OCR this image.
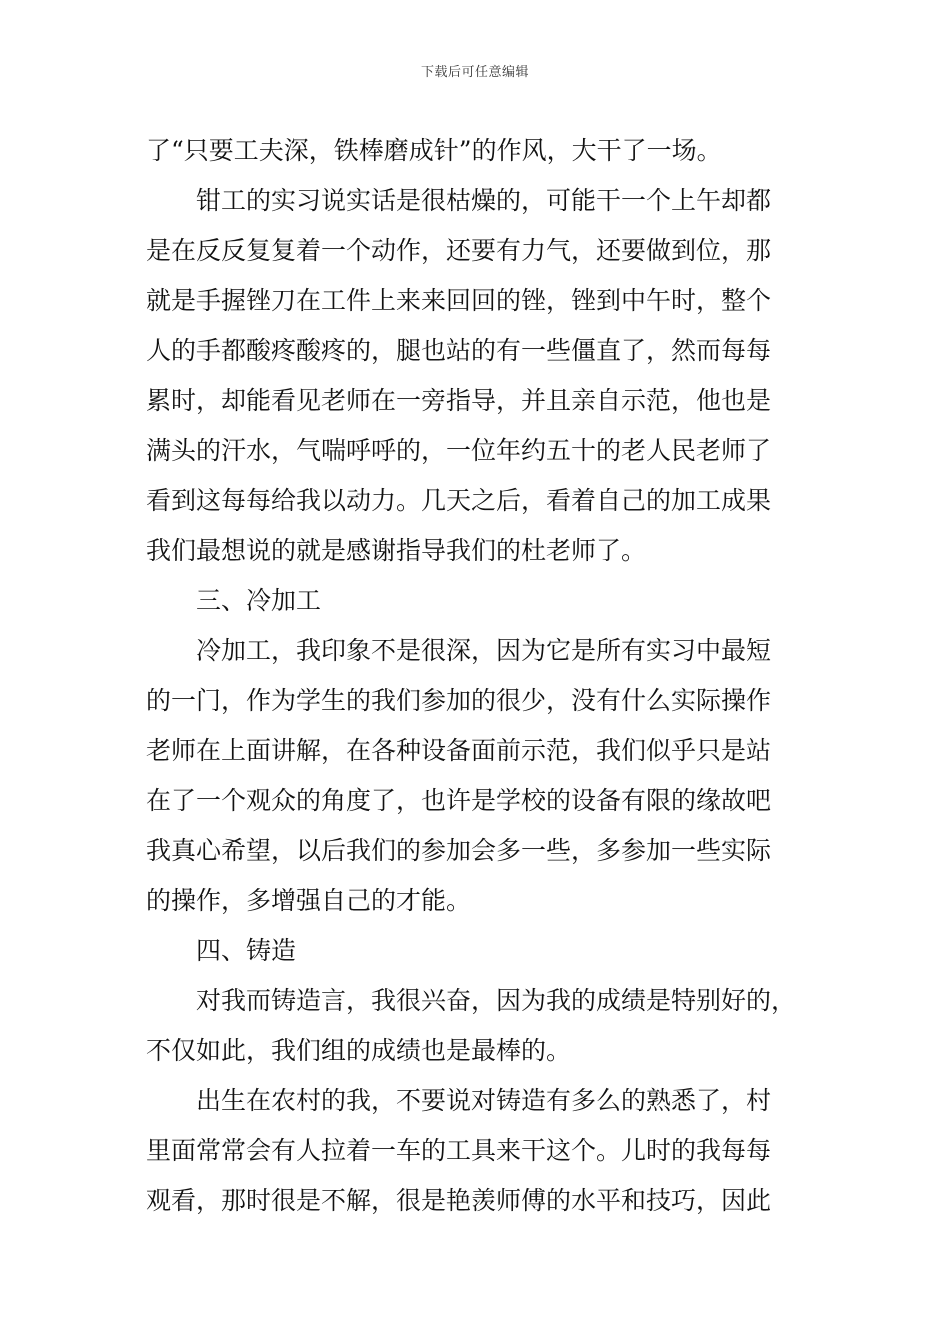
下载后可任意编辑
了“只要工夫深，铁棒磨成针”的作风，大干了一场。
钳工的实习说实话是很枯燥的，可能干一个上午却都
是在反反复复着一个动作，还要有力气，还要做到位，那
就是手握锉刀在工件上来来回回的锉，锉到中午时，整个
人的手都酸疼酸疼的，腿也站的有一些僵直了，然而每每
累时，却能看见老师在一旁指导，并且亲自示范，他也是
满头的汗水，气喘呼呼的，一位年约五十的老人民老师了
看到这每每给我以动力。几天之后，看着自己的加工成果
我们最想说的就是感谢指导我们的杜老师了。
三、冷加工
冷加工，我印象不是很深，因为它是所有实习中最短
的一门，作为学生的我们参加的很少，没有什么实际操作
老师在上面讲解，在各种设备面前示范，我们似乎只是站
在了一个观众的角度了，也许是学校的设备有限的缘故吧
我真心希望，以后我们的参加会多一些，多参加一些实际
的操作，多增强自己的才能。
四、铸造
对我而铸造言，我很兴奋，因为我的成绩是特别好的，
不仅如此，我们组的成绩也是最棒的。
出生在农村的我，不要说对铸造有多么的熟悉了，村
里面常常会有人拉着一车的工具来干这个。儿时的我每每
观看，那时很是不解，很是艳羡师傅的水平和技巧，因此
